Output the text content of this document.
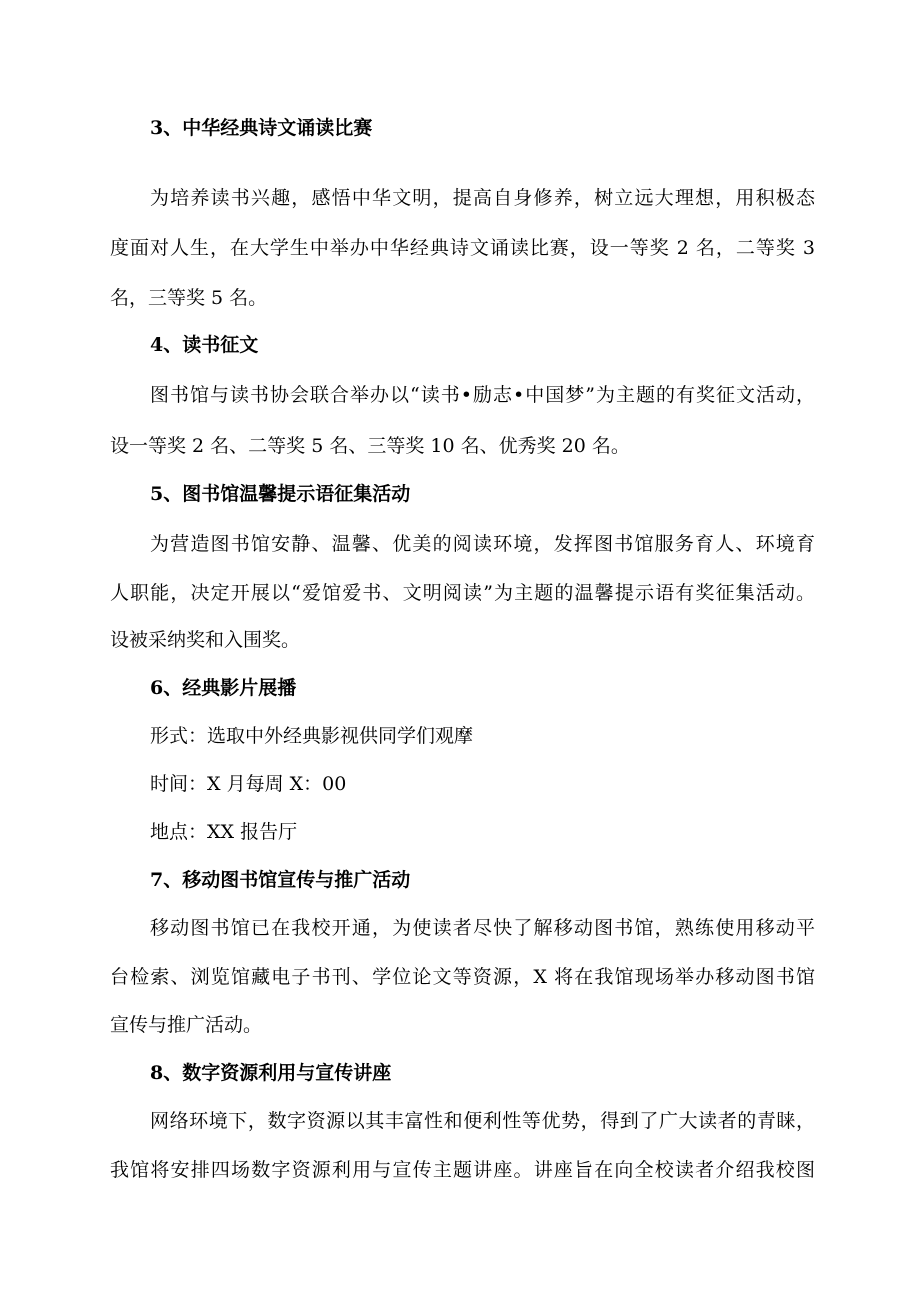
3、中华经典诗文诵读比赛
为培养读书兴趣，感悟中华文明，提高自身修养，树立远大理想，用积极态
度面对人生，在大学生中举办中华经典诗文诵读比赛，设一等奖 2 名，二等奖 3
名，三等奖 5 名。
4、读书征文
图书馆与读书协会联合举办以“读书•励志•中国梦”为主题的有奖征文活动，
设一等奖 2 名、二等奖 5 名、三等奖 10 名、优秀奖 20 名。
5、图书馆温馨提示语征集活动
为营造图书馆安静、温馨、优美的阅读环境，发挥图书馆服务育人、环境育
人职能，决定开展以“爱馆爱书、文明阅读”为主题的温馨提示语有奖征集活动。
设被采纳奖和入围奖。
6、经典影片展播
形式：选取中外经典影视供同学们观摩
时间：X 月每周 X：00
地点：XX 报告厅
7、移动图书馆宣传与推广活动
移动图书馆已在我校开通，为使读者尽快了解移动图书馆，熟练使用移动平
台检索、浏览馆藏电子书刊、学位论文等资源，X 将在我馆现场举办移动图书馆
宣传与推广活动。
8、数字资源利用与宣传讲座
网络环境下，数字资源以其丰富性和便利性等优势，得到了广大读者的青睐，
我馆将安排四场数字资源利用与宣传主题讲座。讲座旨在向全校读者介绍我校图
